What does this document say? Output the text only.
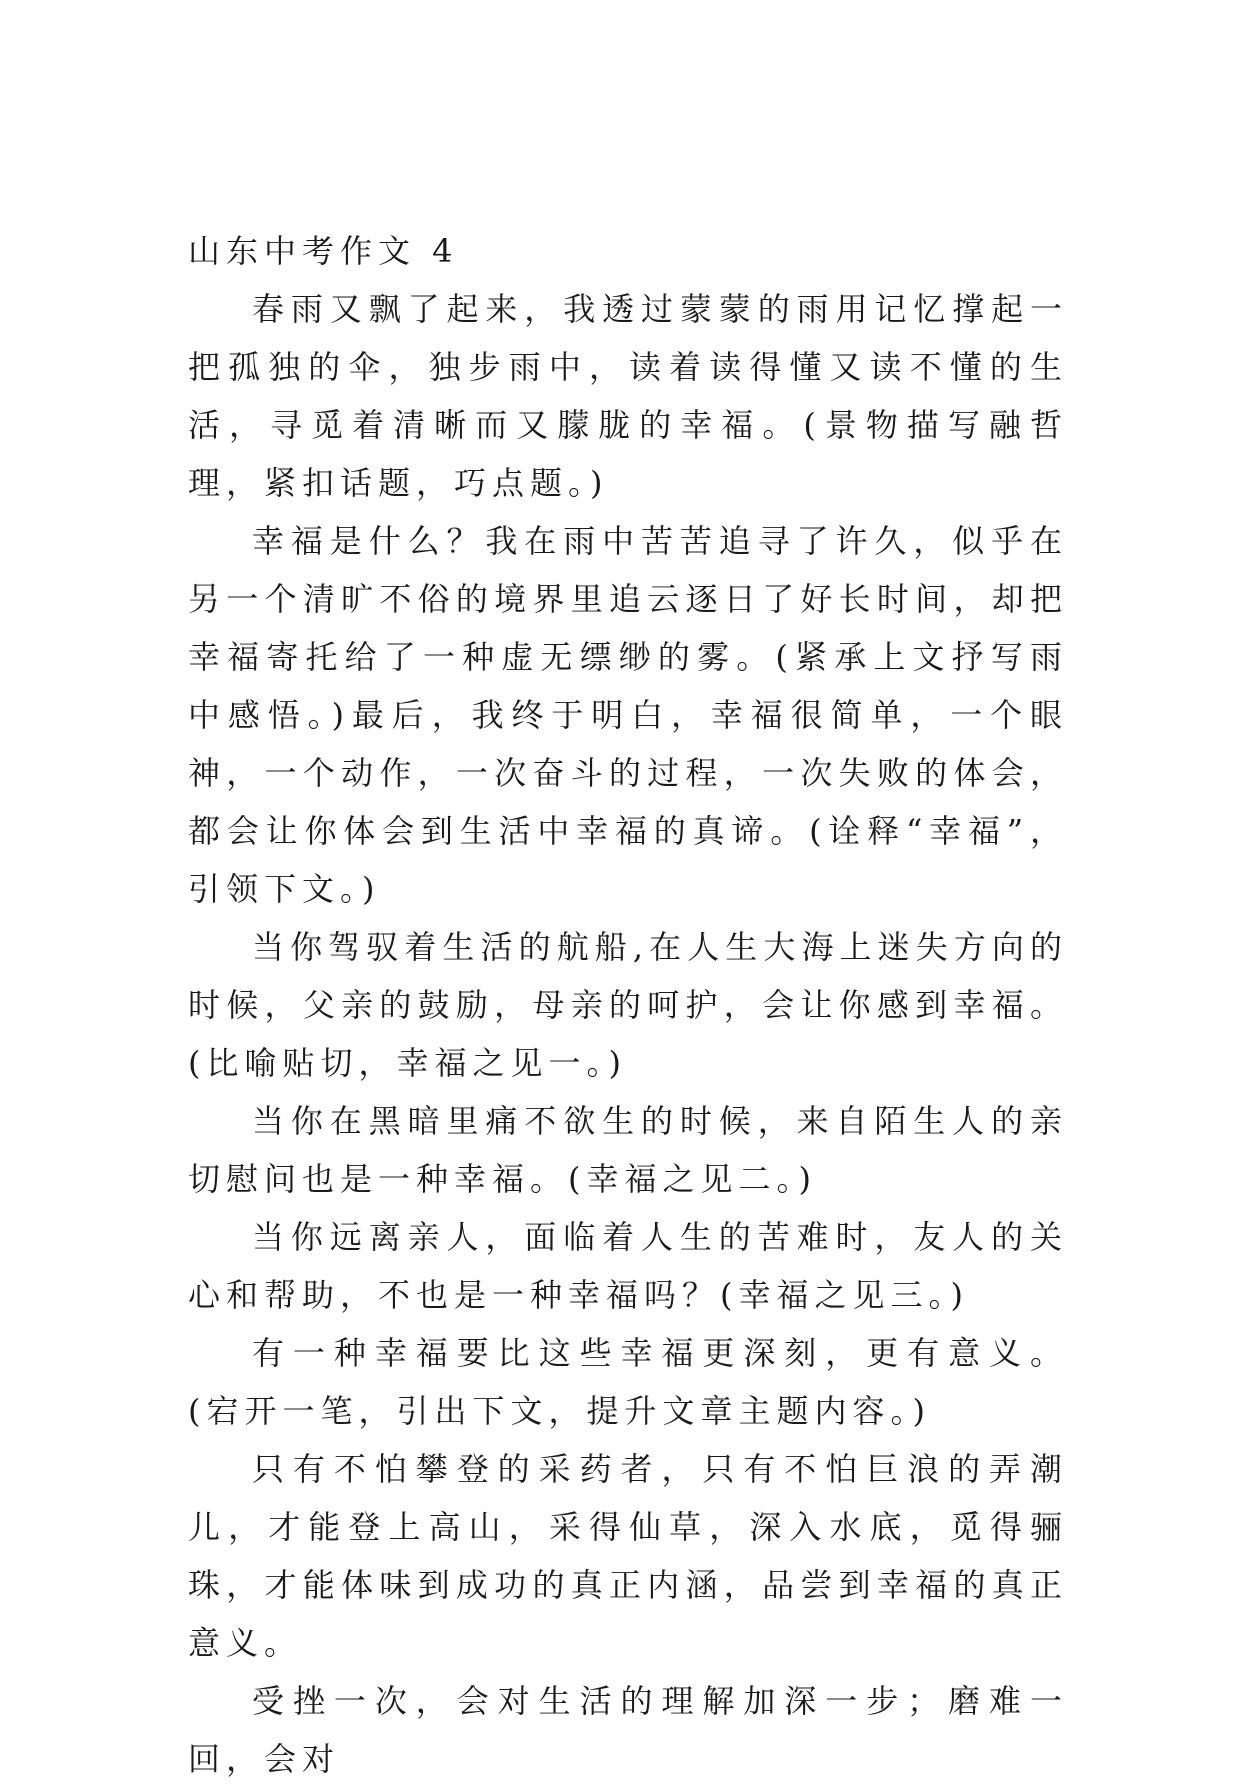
山东中考作文 4

春雨又飘了起来，我透过蒙蒙的雨用记忆撑起一把孤独的伞，独步雨中，读着读得懂又读不懂的生活，寻觅着清晰而又朦胧的幸福。(景物描写融哲理，紧扣话题，巧点题。)

幸福是什么？我在雨中苦苦追寻了许久，似乎在另一个清旷不俗的境界里追云逐日了好长时间，却把幸福寄托给了一种虚无缥缈的雾。(紧承上文抒写雨中感悟。)最后，我终于明白，幸福很简单，一个眼神，一个动作，一次奋斗的过程，一次失败的体会，都会让你体会到生活中幸福的真谛。(诠释“幸福”，引领下文。)

当你驾驭着生活的航船,在人生大海上迷失方向的时候，父亲的鼓励，母亲的呵护，会让你感到幸福。(比喻贴切，幸福之见一。)

当你在黑暗里痛不欲生的时候，来自陌生人的亲切慰问也是一种幸福。(幸福之见二。)

当你远离亲人，面临着人生的苦难时，友人的关心和帮助，不也是一种幸福吗？(幸福之见三。)

有一种幸福要比这些幸福更深刻，更有意义。(宕开一笔，引出下文，提升文章主题内容。)

只有不怕攀登的采药者，只有不怕巨浪的弄潮儿，才能登上高山，采得仙草，深入水底，觅得骊珠，才能体味到成功的真正内涵，品尝到幸福的真正意义。

受挫一次，会对生活的理解加深一步；磨难一回，会对
